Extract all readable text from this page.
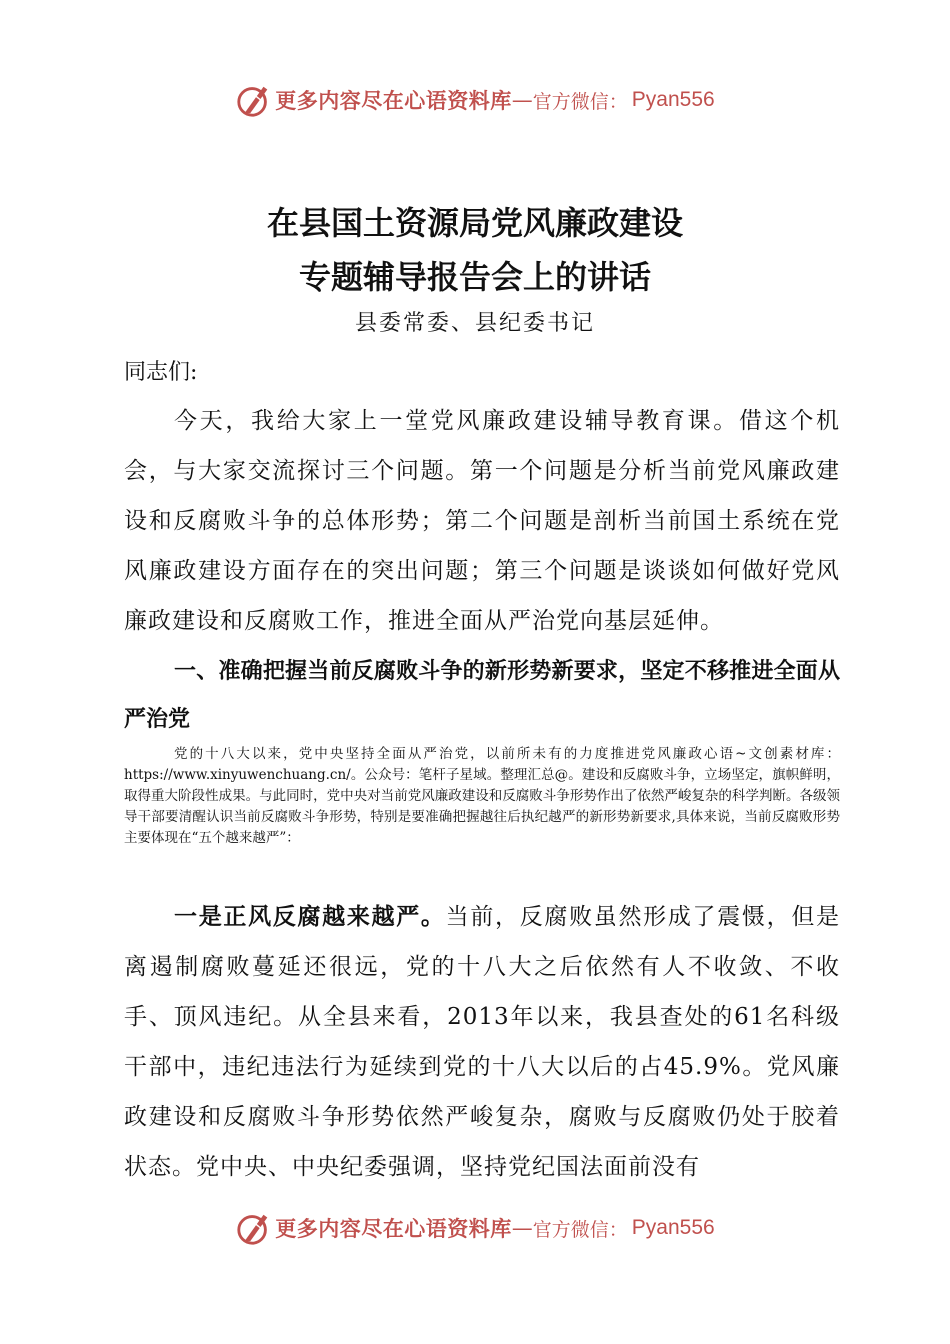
更多内容尽在心语资料库 — 官方微信： Pyan556
在县国土资源局党风廉政建设
专题辅导报告会上的讲话
县委常委、县纪委书记
同志们:
今天，我给大家上一堂党风廉政建设辅导教育课。借这个机会，与大家交流探讨三个问题。第一个问题是分析当前党风廉政建设和反腐败斗争的总体形势；第二个问题是剖析当前国土系统在党风廉政建设方面存在的突出问题；第三个问题是谈谈如何做好党风廉政建设和反腐败工作，推进全面从严治党向基层延伸。
一、准确把握当前反腐败斗争的新形势新要求，坚定不移推进全面从严治党
党的十八大以来，党中央坚持全面从严治党，以前所未有的力度推进党风廉政心语~文创素材库：https://www.xinyuwenchuang.cn/。公众号：笔杆子星域。整理汇总@。建设和反腐败斗争，立场坚定，旗帜鲜明，取得重大阶段性成果。与此同时，党中央对当前党风廉政建设和反腐败斗争形势作出了依然严峻复杂的科学判断。各级领导干部要清醒认识当前反腐败斗争形势，特别是要准确把握越往后执纪越严的新形势新要求,具体来说，当前反腐败形势主要体现在“五个越来越严”：
一是正风反腐越来越严。当前，反腐败虽然形成了震慑，但是离遏制腐败蔓延还很远，党的十八大之后依然有人不收敛、不收手、顶风违纪。从全县来看，2013年以来，我县查处的61名科级干部中，违纪违法行为延续到党的十八大以后的占45.9%。党风廉政建设和反腐败斗争形势依然严峻复杂，腐败与反腐败仍处于胶着状态。党中央、中央纪委强调，坚持党纪国法面前没有
更多内容尽在心语资料库 — 官方微信： Pyan556
